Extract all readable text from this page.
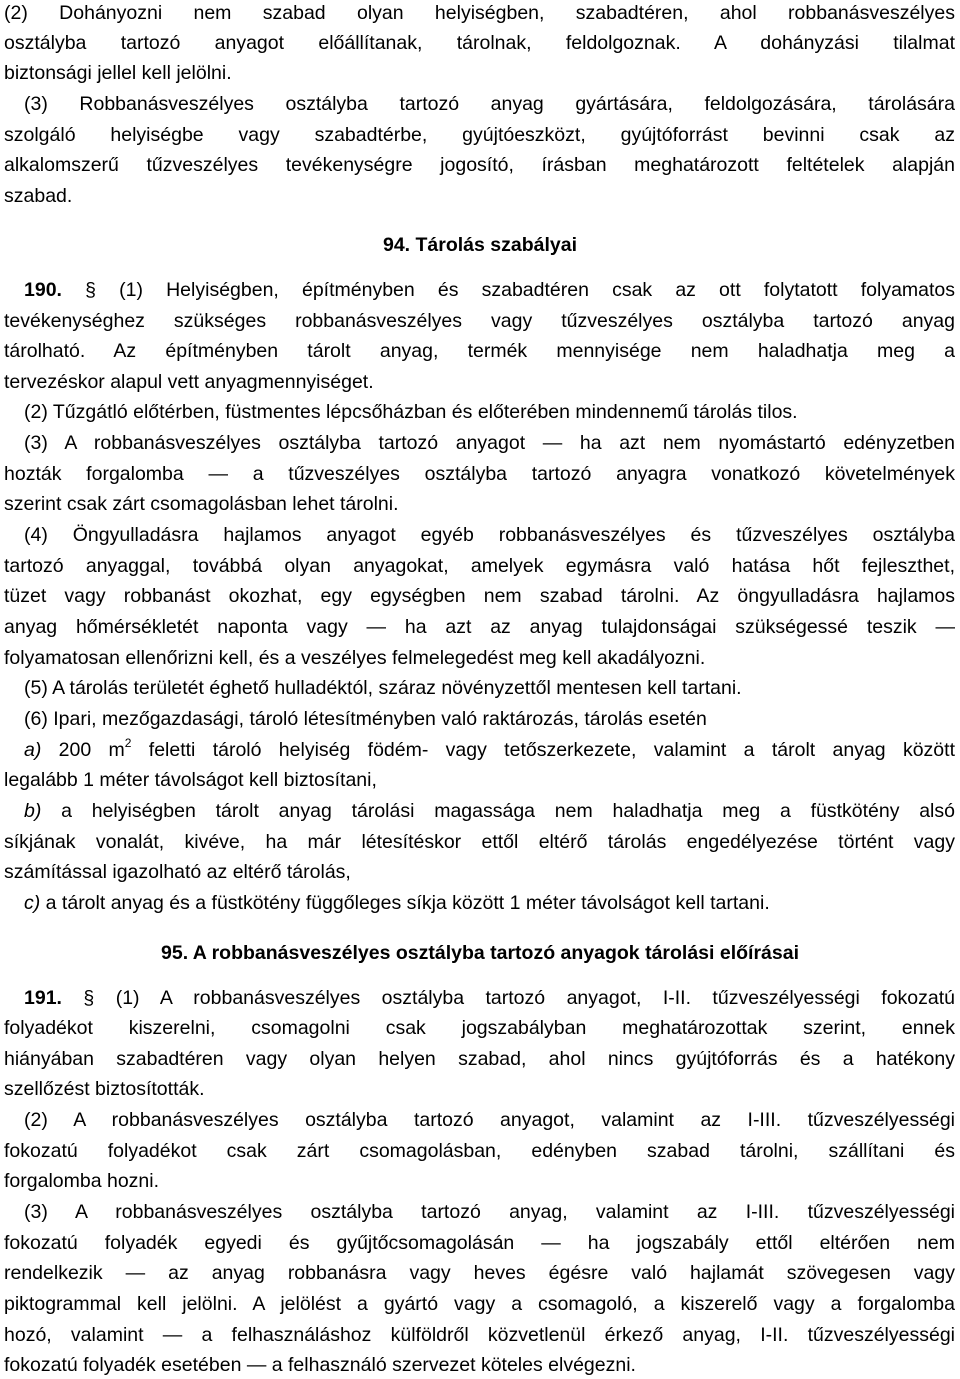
(2) Dohányozni nem szabad olyan helyiségben, szabadtéren, ahol robbanásveszélyes
osztályba tartozó anyagot előállítanak, tárolnak, feldolgoznak. A dohányzási tilalmat
biztonsági jellel kell jelölni.
(3) Robbanásveszélyes osztályba tartozó anyag gyártására, feldolgozására, tárolására
szolgáló helyiségbe vagy szabadtérbe, gyújtóeszközt, gyújtóforrást bevinni csak az
alkalomszerű tűzveszélyes tevékenységre jogosító, írásban meghatározott feltételek alapján
szabad.
94. Tárolás szabályai
190. § (1) Helyiségben, építményben és szabadtéren csak az ott folytatott folyamatos
tevékenységhez szükséges robbanásveszélyes vagy tűzveszélyes osztályba tartozó anyag
tárolható. Az építményben tárolt anyag, termék mennyisége nem haladhatja meg a
tervezéskor alapul vett anyagmennyiséget.
(2) Tűzgátló előtérben, füstmentes lépcsőházban és előterében mindennemű tárolás tilos.
(3) A robbanásveszélyes osztályba tartozó anyagot — ha azt nem nyomástartó edényzetben
hozták forgalomba — a tűzveszélyes osztályba tartozó anyagra vonatkozó követelmények
szerint csak zárt csomagolásban lehet tárolni.
(4) Öngyulladásra hajlamos anyagot egyéb robbanásveszélyes és tűzveszélyes osztályba
tartozó anyaggal, továbbá olyan anyagokat, amelyek egymásra való hatása hőt fejleszthet,
tüzet vagy robbanást okozhat, egy egységben nem szabad tárolni. Az öngyulladásra hajlamos
anyag hőmérsékletét naponta vagy — ha azt az anyag tulajdonságai szükségessé teszik —
folyamatosan ellenőrizni kell, és a veszélyes felmelegedést meg kell akadályozni.
(5) A tárolás területét éghető hulladéktól, száraz növényzettől mentesen kell tartani.
(6) Ipari, mezőgazdasági, tároló létesítményben való raktározás, tárolás esetén
a) 200 $m^2$ feletti tároló helyiség födém- vagy tetőszerkezete, valamint a tárolt anyag között
legalább 1 méter távolságot kell biztosítani,
b) a helyiségben tárolt anyag tárolási magassága nem haladhatja meg a füstkötény alsó
síkjának vonalát, kivéve, ha már létesítéskor ettől eltérő tárolás engedélyezése történt vagy
számítással igazolható az eltérő tárolás,
c) a tárolt anyag és a füstkötény függőleges síkja között 1 méter távolságot kell tartani.
95. A robbanásveszélyes osztályba tartozó anyagok tárolási előírásai
191. § (1) A robbanásveszélyes osztályba tartozó anyagot, I-II. tűzveszélyességi fokozatú
folyadékot kiszerelni, csomagolni csak jogszabályban meghatározottak szerint, ennek
hiányában szabadtéren vagy olyan helyen szabad, ahol nincs gyújtóforrás és a hatékony
szellőzést biztosították.
(2) A robbanásveszélyes osztályba tartozó anyagot, valamint az I-III. tűzveszélyességi
fokozatú folyadékot csak zárt csomagolásban, edényben szabad tárolni, szállítani és
forgalomba hozni.
(3) A robbanásveszélyes osztályba tartozó anyag, valamint az I-III. tűzveszélyességi
fokozatú folyadék egyedi és gyűjtőcsomagolásán — ha jogszabály ettől eltérően nem
rendelkezik — az anyag robbanásra vagy heves égésre való hajlamát szövegesen vagy
piktogrammal kell jelölni. A jelölést a gyártó vagy a csomagoló, a kiszerelő vagy a forgalomba
hozó, valamint — a felhasználáshoz külföldről közvetlenül érkező anyag, I-II. tűzveszélyességi
fokozatú folyadék esetében — a felhasználó szervezet köteles elvégezni.
